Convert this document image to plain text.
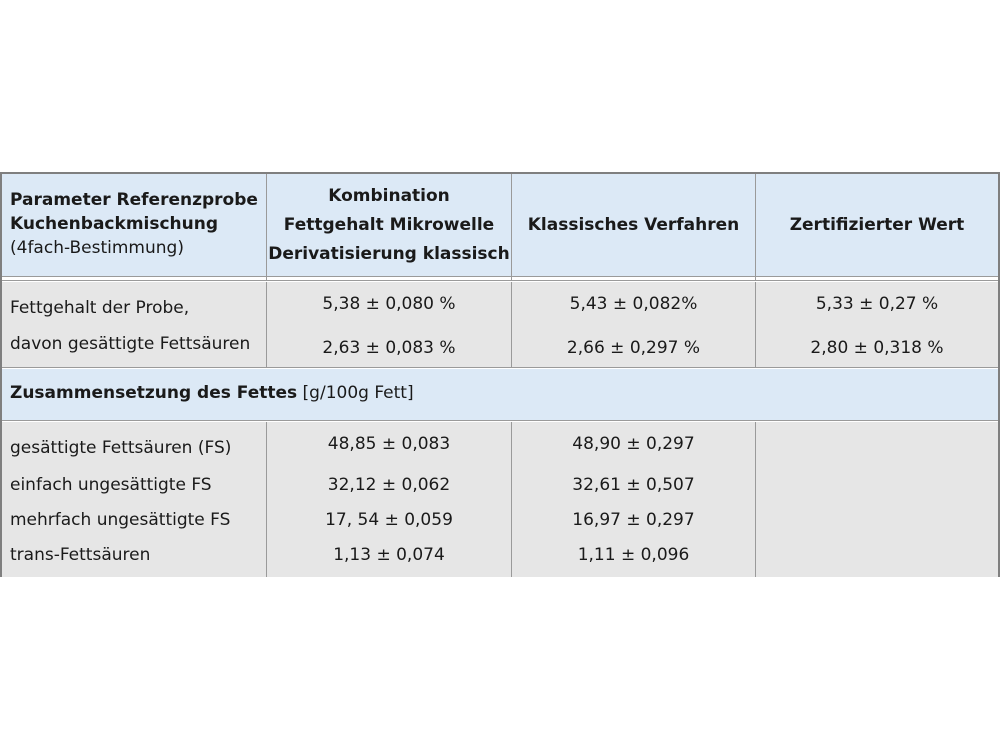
Parameter Referenzprobe
Kuchenbackmischung
(4fach-Bestimmung)
Kombination
Fettgehalt Mikrowelle
Derivatisierung klassisch
Klassisches Verfahren	Zertifizierter Wert
Fettgehalt der Probe,
davon gesättigte Fettsäuren
5,38 ± 0,080 %
2,63 ± 0,083 %
5,43 ± 0,082%
2,66 ± 0,297 %
5,33 ± 0,27 %
2,80 ± 0,318 %
Zusammensetzung des Fettes [g/100g Fett]
gesättigte Fettsäuren (FS)
einfach ungesättigte FS
mehrfach ungesättigte FS
trans-Fettsäuren
48,85 ± 0,083
32,12 ± 0,062
17, 54 ± 0,059
1,13 ± 0,074
48,90 ± 0,297
32,61 ± 0,507
16,97 ± 0,297
1,11 ± 0,096
